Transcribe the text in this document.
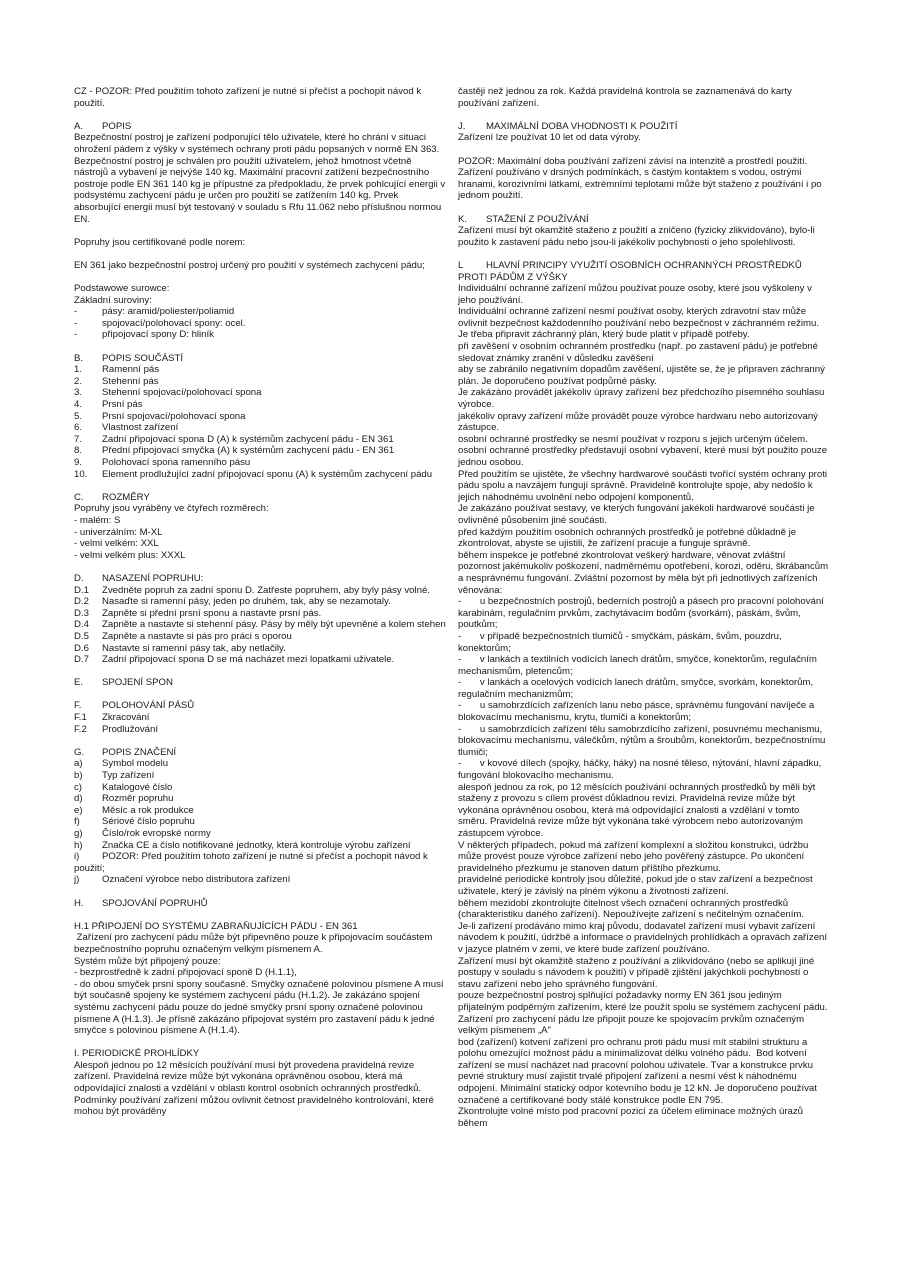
CZ - POZOR: Před použitím tohoto zařízení je nutné si přečíst a pochopit návod k použití.

A. POPIS

Bezpečnostní postroj je zařízení podporující tělo uživatele, které ho chrání v situaci ohrožení pádem z výšky v systémech ochrany proti pádu popsaných v normě EN 363. Bezpečnostní postroj je schválen pro použití uživatelem, jehož hmotnost včetně nástrojů a vybavení je nejvýše 140 kg. Maximální pracovní zatížení bezpečnostního postroje podle EN 361 140 kg je přípustné za předpokladu, že prvek pohlcující energii v podsystému zachycení pádu je určen pro použití se zatížením 140 kg. Prvek absorbující energii musí být testovaný v souladu s Rfu 11.062 nebo příslušnou normou EN.

Popruhy jsou certifikované podle norem:

EN 361 jako bezpečnostní postroj určený pro použití v systémech zachycení pádu;

Podstawowe surowce:

Základní suroviny:

-	pásy: aramid/poliester/poliamid
-	spojovací/polohovací spony: ocel.
-	připojovací spony D: hliník

B. POPIS SOUČÁSTÍ

1.	Ramenní pás
2.	Stehenní pás
3.	Stehenní spojovací/polohovací spona
4.	Prsní pás
5.	Prsní spojovací/polohovací spona
6.	Vlastnost zařízení
7.	Zadní připojovací spona D (A) k systémům zachycení pádu - EN 361
8.	Přední připojovací smyčka (A) k systémům zachycení pádu - EN 361
9.	Polohovací spona ramenního pásu
10.	Element prodlužující zadní připojovací sponu (A) k systémům zachycení pádu

C. ROZMĚRY

Popruhy jsou vyráběny ve čtyřech rozměrech:

- malém: S

- univerzálním: M-XL

- velmi velkém: XXL

- velmi velkém plus: XXXL

D. NASAZENÍ POPRUHU:

D.1	Zvedněte popruh za zadní sponu D. Zatřeste popruhem, aby byly pásy volné.
D.2	Nasaďte si ramenní pásy, jeden po druhém, tak, aby se nezamotaly.
D.3	Zapněte si přední prsní sponu a nastavte prsní pás.
D.4	Zapněte a nastavte si stehenní pásy. Pásy by měly být upevněné a kolem stehen
D.5	Zapněte a nastavte si pás pro práci s oporou
D.6	Nastavte si ramenní pásy tak, aby netlačily.
D.7	Zadní připojovací spona D se má nacházet mezi lopatkami uživatele.

E. SPOJENÍ SPON

F. POLOHOVÁNÍ PÁSŮ

F.1	Zkracování
F.2	Prodlužování

G. POPIS ZNAČENÍ

a)	Symbol modelu
b)	Typ zařízení
c)	Katalogové číslo
d)	Rozměr popruhu
e)	Měsíc a rok produkce
f)	Sériové číslo popruhu
g)	Číslo/rok evropské normy
h)	Značka CE a číslo notifikované jednotky, která kontroluje výrobu zařízení
i)	POZOR: Před použitím tohoto zařízení je nutné si přečíst a pochopit návod k

použití;

j)	Označení výrobce nebo distributora zařízení

H. SPOJOVÁNÍ POPRUHŮ

H.1 PŘIPOJENÍ DO SYSTÉMU ZABRAŇUJÍCÍCH PÁDU - EN 361

Zařízení pro zachycení pádu může být připevněno pouze k připojovacím součástem bezpečnostního popruhu označeným velkým písmenem A.
Systém může být připojený pouze:
- bezprostředně k zadní připojovací sponě D (H.1.1),
- do obou smyček prsní spony současně. Smyčky označené polovinou písmene A musí být současně spojeny ke systémem zachycení pádu (H.1.2). Je zakázáno spojení systému zachycení pádu pouze do jedné smyčky prsní spony označené polovinou písmene A (H.1.3). Je přísně zakázáno připojovat systém pro zastavení pádu k jedné smyčce s polovinou písmene A (H.1.4).

I. PERIODICKÉ PROHLÍDKY

Alespoň jednou po 12 měsících používání musí být provedena pravidelná revize zařízení. Pravidelná revize může být vykonána oprávněnou osobou, která má odpovídající znalosti a vzdělání v oblasti kontrol osobních ochranných prostředků. Podmínky používání zařízení můžou ovlivnit četnost pravidelného kontrolování, které mohou být prováděny

častěji než jednou za rok. Každá pravidelná kontrola se zaznamenává do karty používání zařízení.

J. MAXIMÁLNÍ DOBA VHODNOSTI K POUŽITÍ

Zařízení lze používat 10 let od data výroby.

POZOR: Maximální doba používání zařízení závisí na intenzitě a prostředí použití. Zařízení používáno v drsných podmínkách, s častým kontaktem s vodou, ostrými hranami, korozivními látkami, extrémními teplotami může být staženo z používání i po jednom použití.

K. STAŽENÍ Z POUŽÍVÁNÍ

Zařízení musí být okamžitě staženo z použití a zničeno (fyzicky zlikvidováno), bylo-li použito k zastavení pádu nebo jsou-li jakékoliv pochybnosti o jeho spolehlivosti.

L HLAVNÍ PRINCIPY VYUŽITÍ OSOBNÍCH OCHRANNÝCH PROSTŘEDKŮ PROTI PÁDŮM Z VÝŠKY

Individuální ochranné zařízení můžou používat pouze osoby, které jsou vyškoleny v jeho používání.
Individuální ochranné zařízení nesmí používat osoby, kterých zdravotní stav může ovlivnit bezpečnost každodenního používání nebo bezpečnost v záchranném režimu.
Je třeba připravit záchranný plán, který bude platit v případě potřeby.
při zavěšení v osobním ochranném prostředku (např. po zastavení pádu) je potřebné sledovat známky zranění v důsledku zavěšení
aby se zabránilo negativním dopadům zavěšení, ujistěte se, že je připraven záchranný plán. Je doporučeno používat podpůrné pásky.
Je zakázáno provádět jakékoliv úpravy zařízení bez předchozího písemného souhlasu výrobce.
jakékoliv opravy zařízení může provádět pouze výrobce hardwaru nebo autorizovaný zástupce.
osobní ochranné prostředky se nesmí používat v rozporu s jejich určeným účelem.
osobní ochranné prostředky představují osobní vybavení, které musí být použito pouze jednou osobou.
Před použitím se ujistěte, že všechny hardwarové součásti tvořící systém ochrany proti pádu spolu a navzájem fungují správně. Pravidelně kontrolujte spoje, aby nedošlo k jejich náhodnému uvolnění nebo odpojení komponentů.
Je zakázáno používat sestavy, ve kterých fungování jakékoli hardwarové součásti je ovlivněné působením jiné součásti.
před každým použitím osobních ochranných prostředků je potřebné důkladně je zkontrolovat, abyste se ujistili, že zařízení pracuje a funguje správně.
během inspekce je potřebné zkontrolovat veškerý hardware, věnovat zvláštní pozornost jakémukoliv poškození, nadměrnému opotřebení, korozi, oděru, škrábancům a nesprávnému fungování. Zvláštní pozornost by měla být při jednotlivých zařízeních věnována:
-       u bezpečnostních postrojů, bederních postrojů a pásech pro pracovní polohování karabinám, regulačním prvkům, zachytávacím bodům (svorkám), páskám, švům, poutkům;
-       v případě bezpečnostních tlumičů - smyčkám, páskám, švům, pouzdru, konektorům;
-       v lankách a textilních vodících lanech drátům, smyčce, konektorům, regulačním mechanismům, pletencům;
-       v lankách a ocelových vodících lanech drátům, smyčce, svorkám, konektorům, regulačním mechanizmům;
-       u samobrzdících zařízeních lanu nebo pásce, správnému fungování navíječe a blokovacímu mechanismu, krytu, tlumiči a konektorům;
-       u samobrzdících zařízení tělu samobrzdícího zařízení, posuvnému mechanismu, blokovacímu mechanismu, válečkům, nýtům a šroubům, konektorům, bezpečnostnímu tlumiči;
-       v kovové dílech (spojky, háčky, háky) na nosné těleso, nýtování, hlavní západku, fungování blokovacího mechanismu.
alespoň jednou za rok, po 12 měsících používání ochranných prostředků by měli být staženy z provozu s cílem provést důkladnou revizi. Pravidelná revize může být vykonána oprávněnou osobou, která má odpovídající znalosti a vzdělání v tomto směru. Pravidelná revize může být vykonána také výrobcem nebo autorizovaným zástupcem výrobce.
V některých případech, pokud má zařízení komplexní a složitou konstrukci, údržbu může provést pouze výrobce zařízení nebo jeho pověřený zástupce. Po ukončení pravidelného přezkumu je stanoven datum příštího přezkumu.
pravidelné periodické kontroly jsou důležité, pokud jde o stav zařízení a bezpečnost uživatele, který je závislý na plném výkonu a životnosti zařízení.
během mezidobí zkontrolujte čitelnost všech označení ochranných prostředků (charakteristiku daného zařízení). Nepoužívejte zařízení s nečitelným označením.
Je-li zařízení prodáváno mimo kraj původu, dodavatel zařízení musí vybavit zařízení návodem k použití, údržbě a informace o pravidelných prohlídkách a opravách zařízení v jazyce platném v zemi, ve které bude zařízení používáno.
Zařízení musí být okamžitě staženo z používání a zlikvidováno (nebo se aplikují jiné postupy v souladu s návodem k použití) v případě zjištění jakýchkoli pochybností o stavu zařízení nebo jeho správného fungování.
pouze bezpečnostní postroj splňující požadavky normy EN 361 jsou jediným přijatelným podpěrným zařízením, které lze použít spolu se systémem zachycení pádu.
Zařízení pro zachycení pádu lze připojit pouze ke spojovacím prvkům označeným velkým písmenem „A"
bod (zařízení) kotvení zařízení pro ochranu proti pádu musí mít stabilní strukturu a polohu omezující možnost pádu a minimalizovat délku volného pádu.  Bod kotvení zařízení se musí nacházet nad pracovní polohou uživatele. Tvar a konstrukce prvku pevné struktury musí zajistit trvalé připojení zařízení a nesmí vést k náhodnému odpojení. Minimální statický odpor kotevního bodu je 12 kN. Je doporučeno používat označené a certifikované body stálé konstrukce podle EN 795.
Zkontrolujte volné místo pod pracovní pozicí za účelem eliminace možných úrazů během
